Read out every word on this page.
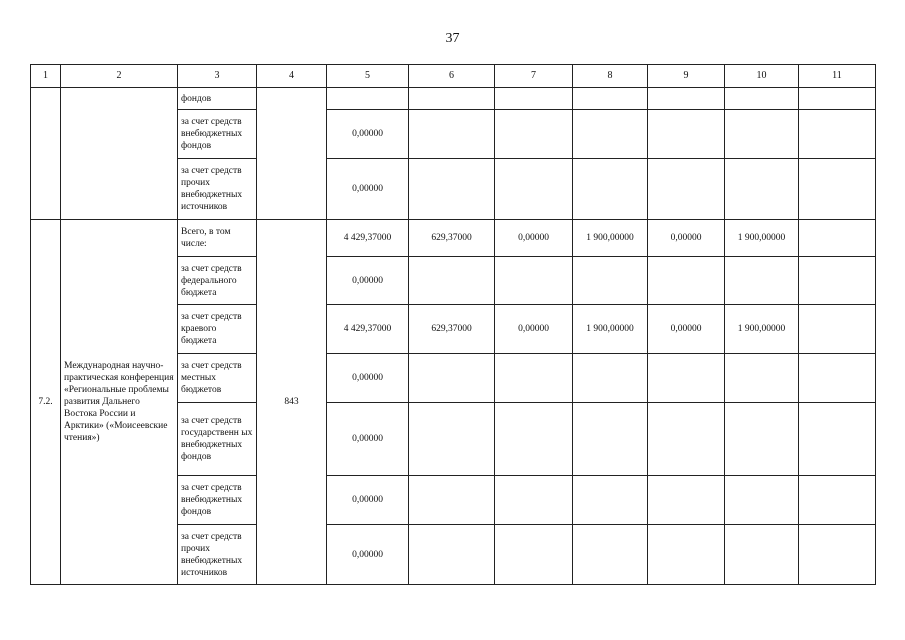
37
1	2	3	4	5	6	7	8	9	10	11
		фондов								
		за счет средств внебюджетных фондов		0,00000						
		за счет средств прочих внебюджетных источников		0,00000						
7.2.	Международная научно-практическая конференция «Региональные проблемы развития Дальнего Востока России и Арктики» («Моисеевские чтения»)	Всего, в том числе:	843	4 429,37000	629,37000	0,00000	1 900,00000	0,00000	1 900,00000	
		за счет средств федерального бюджета		0,00000						
		за счет средств краевого бюджета		4 429,37000	629,37000	0,00000	1 900,00000	0,00000	1 900,00000	
		за счет средств местных бюджетов		0,00000						
		за счет средств государственн ых внебюджетных фондов		0,00000						
		за счет средств внебюджетных фондов		0,00000						
		за счет средств прочих внебюджетных источников		0,00000						
